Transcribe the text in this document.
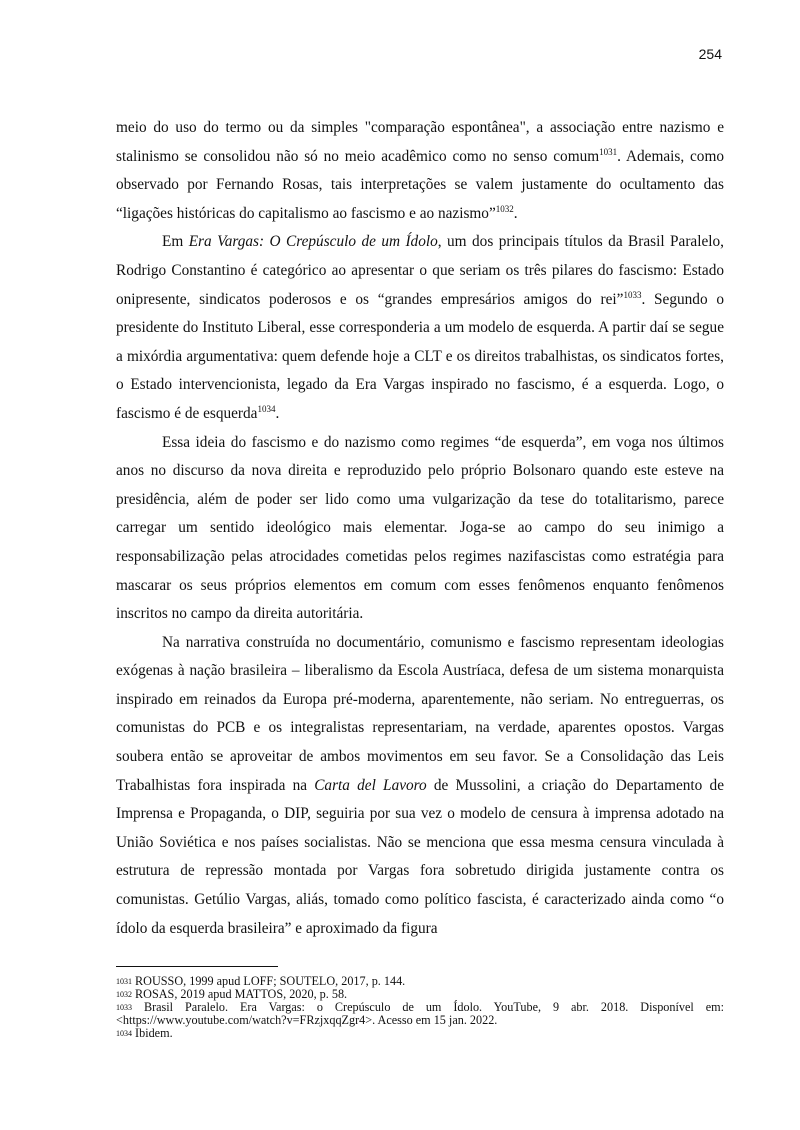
254

meio do uso do termo ou da simples "comparação espontânea", a associação entre nazismo e stalinismo se consolidou não só no meio acadêmico como no senso comum$^{1031}$. Ademais, como observado por Fernando Rosas, tais interpretações se valem justamente do ocultamento das “ligações históricas do capitalismo ao fascismo e ao nazismo”$^{1032}$.

Em Era Vargas: O Crepúsculo de um Ídolo, um dos principais títulos da Brasil Paralelo, Rodrigo Constantino é categórico ao apresentar o que seriam os três pilares do fascismo: Estado onipresente, sindicatos poderosos e os “grandes empresários amigos do rei”$^{1033}$. Segundo o presidente do Instituto Liberal, esse corresponderia a um modelo de esquerda. A partir daí se segue a mixórdia argumentativa: quem defende hoje a CLT e os direitos trabalhistas, os sindicatos fortes, o Estado intervencionista, legado da Era Vargas inspirado no fascismo, é a esquerda. Logo, o fascismo é de esquerda$^{1034}$.

Essa ideia do fascismo e do nazismo como regimes “de esquerda”, em voga nos últimos anos no discurso da nova direita e reproduzido pelo próprio Bolsonaro quando este esteve na presidência, além de poder ser lido como uma vulgarização da tese do totalitarismo, parece carregar um sentido ideológico mais elementar. Joga-se ao campo do seu inimigo a responsabilização pelas atrocidades cometidas pelos regimes nazifascistas como estratégia para mascarar os seus próprios elementos em comum com esses fenômenos enquanto fenômenos inscritos no campo da direita autoritária.

Na narrativa construída no documentário, comunismo e fascismo representam ideologias exógenas à nação brasileira – liberalismo da Escola Austríaca, defesa de um sistema monarquista inspirado em reinados da Europa pré-moderna, aparentemente, não seriam. No entreguerras, os comunistas do PCB e os integralistas representariam, na verdade, aparentes opostos. Vargas soubera então se aproveitar de ambos movimentos em seu favor. Se a Consolidação das Leis Trabalhistas fora inspirada na Carta del Lavoro de Mussolini, a criação do Departamento de Imprensa e Propaganda, o DIP, seguiria por sua vez o modelo de censura à imprensa adotado na União Soviética e nos países socialistas. Não se menciona que essa mesma censura vinculada à estrutura de repressão montada por Vargas fora sobretudo dirigida justamente contra os comunistas. Getúlio Vargas, aliás, tomado como político fascista, é caracterizado ainda como “o ídolo da esquerda brasileira” e aproximado da figura

$^{1031}$ ROUSSO, 1999 apud LOFF; SOUTELO, 2017, p. 144.

$^{1032}$ ROSAS, 2019 apud MATTOS, 2020, p. 58.

$^{1033}$ Brasil Paralelo. Era Vargas: o Crepúsculo de um Ídolo. YouTube, 9 abr. 2018. Disponível em: <https://www.youtube.com/watch?v=FRzjxqqZgr4>. Acesso em 15 jan. 2022.

$^{1034}$ Ibidem.
